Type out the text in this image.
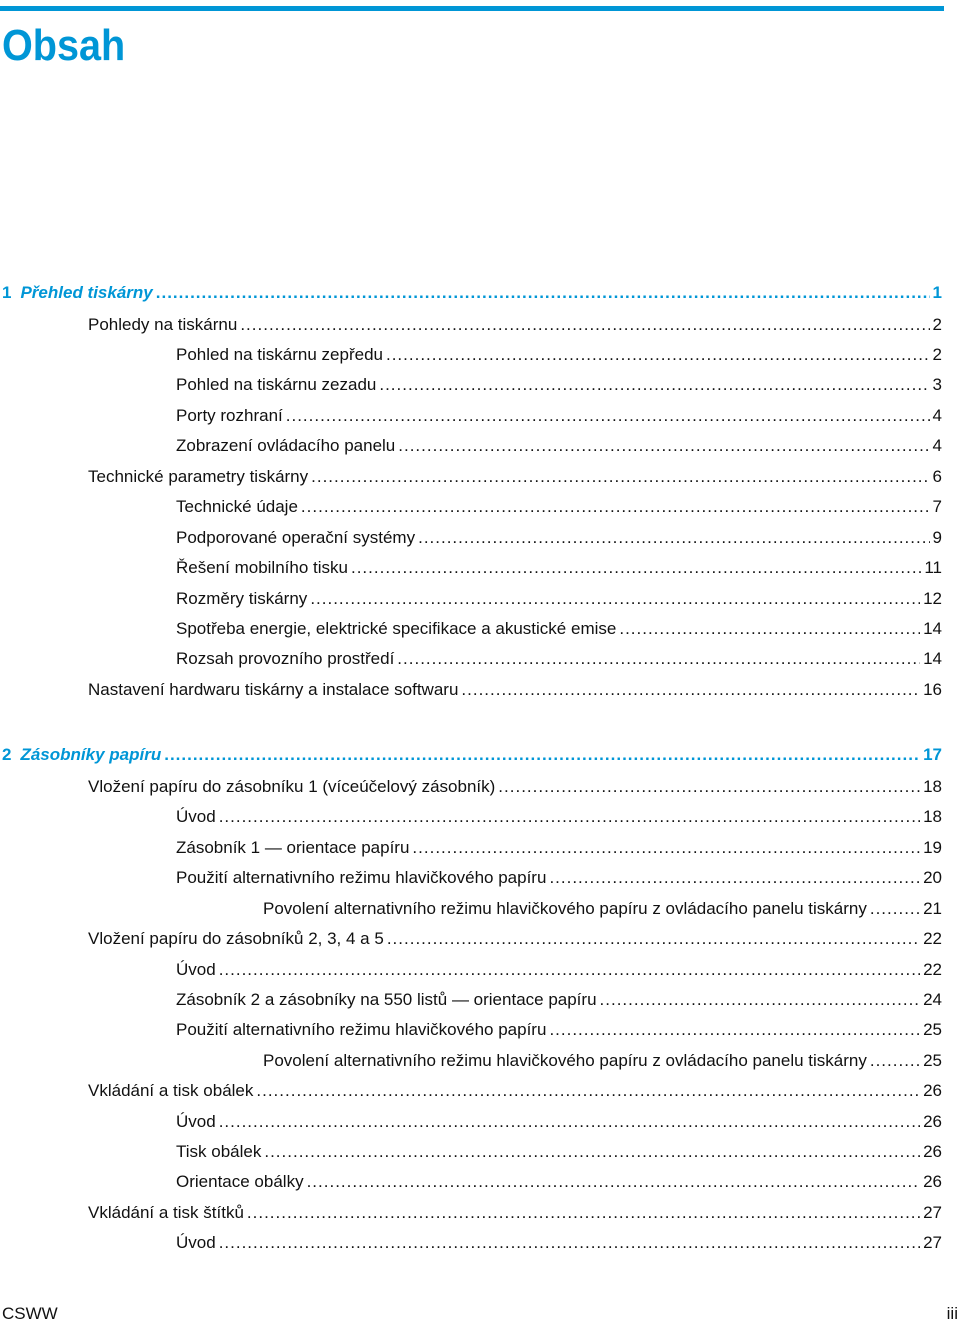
Obsah
1 Přehled tiskárny .....	1
Pohledy na tiskárnu .....	2
Pohled na tiskárnu zepředu .....	2
Pohled na tiskárnu zezadu .....	3
Porty rozhraní .....	4
Zobrazení ovládacího panelu .....	4
Technické parametry tiskárny .....	6
Technické údaje .....	7
Podporované operační systémy .....	9
Řešení mobilního tisku .....	11
Rozměry tiskárny .....	12
Spotřeba energie, elektrické specifikace a akustické emise .....	14
Rozsah provozního prostředí .....	14
Nastavení hardwaru tiskárny a instalace softwaru .....	16
2 Zásobníky papíru .....	17
Vložení papíru do zásobníku 1 (víceúčelový zásobník) .....	18
Úvod .....	18
Zásobník 1 — orientace papíru .....	19
Použití alternativního režimu hlavičkového papíru .....	20
Povolení alternativního režimu hlavičkového papíru z ovládacího panelu tiskárny .....	21
Vložení papíru do zásobníků 2, 3, 4 a 5 .....	22
Úvod .....	22
Zásobník 2 a zásobníky na 550 listů — orientace papíru .....	24
Použití alternativního režimu hlavičkového papíru .....	25
Povolení alternativního režimu hlavičkového papíru z ovládacího panelu tiskárny .....	25
Vkládání a tisk obálek .....	26
Úvod .....	26
Tisk obálek .....	26
Orientace obálky .....	26
Vkládání a tisk štítků .....	27
Úvod .....	27
CSWW	iii
